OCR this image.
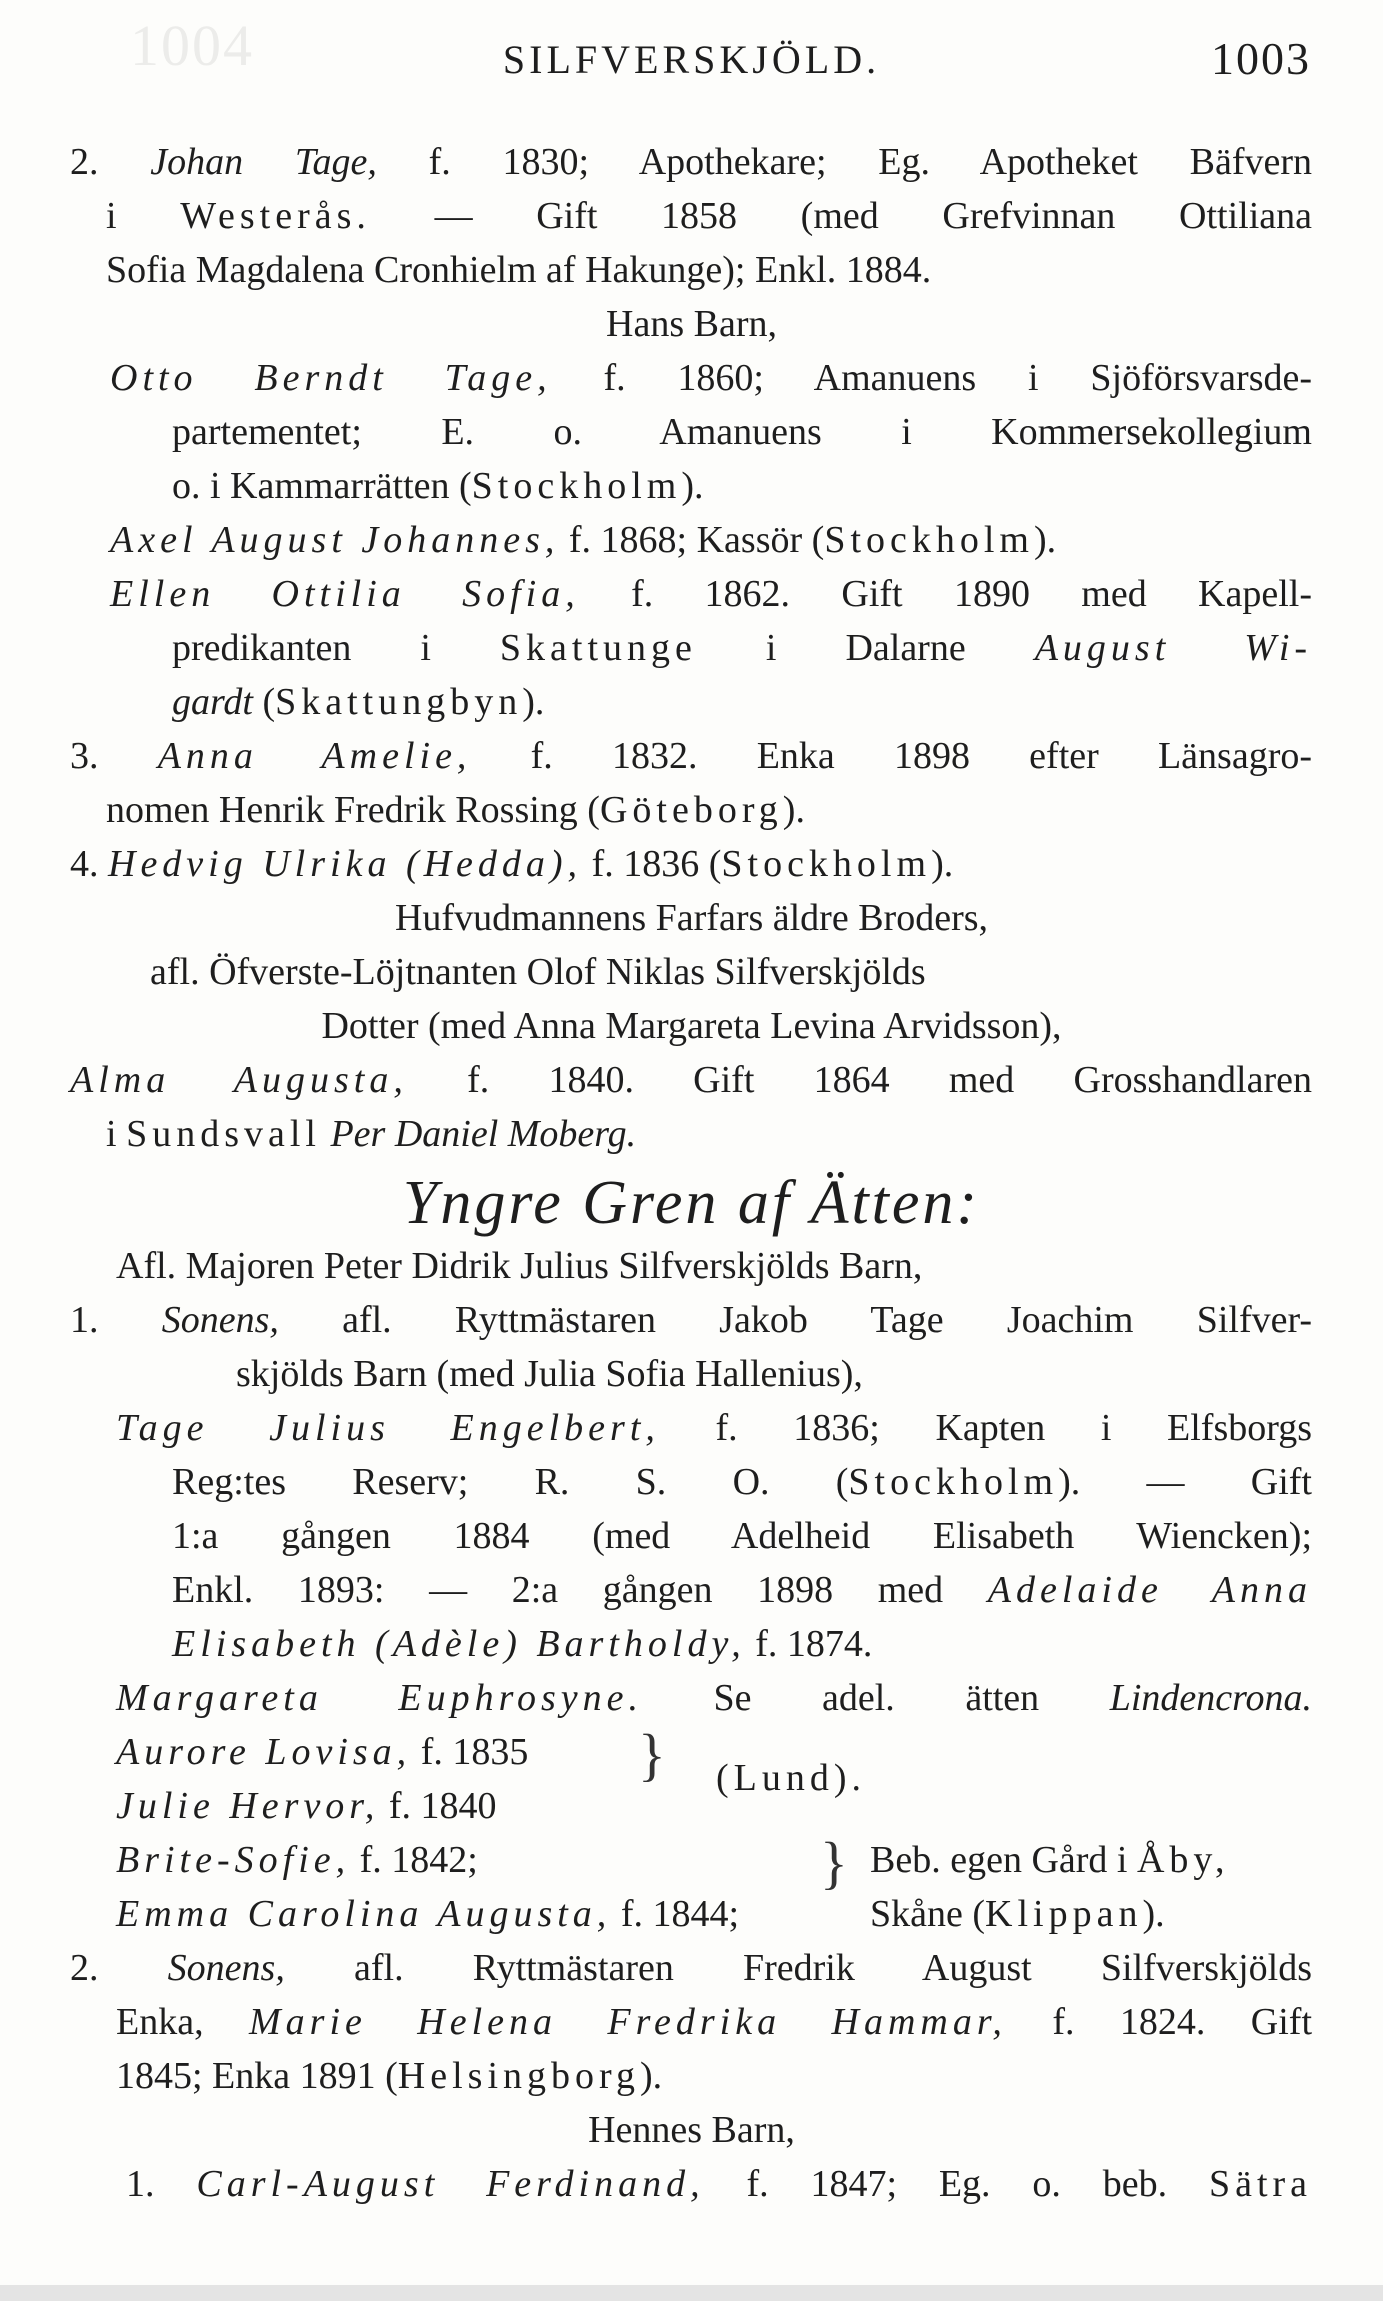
1004	SILFVERSKJÖLD.	1003
2. Johan Tage, f. 1830; Apothekare; Eg. Apotheket Bäfvern
i Westerås. — Gift 1858 (med Grefvinnan Ottiliana
Sofia Magdalena Cronhielm af Hakunge); Enkl. 1884.
Hans Barn,
Otto Berndt Tage, f. 1860; Amanuens i Sjöförsvarsde-
partementet; E. o. Amanuens i Kommersekollegium
o. i Kammarrätten (Stockholm).
Axel August Johannes, f. 1868; Kassör (Stockholm).
Ellen Ottilia Sofia, f. 1862. Gift 1890 med Kapell-
predikanten i Skattunge i Dalarne August Wi-
gardt (Skattungbyn).
3. Anna Amelie, f. 1832. Enka 1898 efter Länsagro-
nomen Henrik Fredrik Rossing (Göteborg).
4. Hedvig Ulrika (Hedda), f. 1836 (Stockholm).
Hufvudmannens Farfars äldre Broders,
afl. Öfverste-Löjtnanten Olof Niklas Silfverskjölds
Dotter (med Anna Margareta Levina Arvidsson),
Alma Augusta, f. 1840. Gift 1864 med Grosshandlaren
i Sundsvall Per Daniel Moberg.
Yngre Gren af Ätten:
Afl. Majoren Peter Didrik Julius Silfverskjölds Barn,
1. Sonens, afl. Ryttmästaren Jakob Tage Joachim Silfver-
skjölds Barn (med Julia Sofia Hallenius),
Tage Julius Engelbert, f. 1836; Kapten i Elfsborgs
Reg:tes Reserv; R. S. O. (Stockholm). — Gift
1:a gången 1884 (med Adelheid Elisabeth Wiencken);
Enkl. 1893: — 2:a gången 1898 med Adelaide Anna
Elisabeth (Adèle) Bartholdy, f. 1874.
Margareta Euphrosyne. Se adel. ätten Lindencrona.
Aurore Lovisa, f. 1835
Julie Hervor, f. 1840
} (Lund).
Brite-Sofie, f. 1842;
Emma Carolina Augusta, f. 1844;
} Beb. egen Gård i Åby,
Skåne (Klippan).
2. Sonens, afl. Ryttmästaren Fredrik August Silfverskjölds
Enka, Marie Helena Fredrika Hammar, f. 1824. Gift
1845; Enka 1891 (Helsingborg).
Hennes Barn,
1. Carl-August Ferdinand, f. 1847; Eg. o. beb. Sätra
